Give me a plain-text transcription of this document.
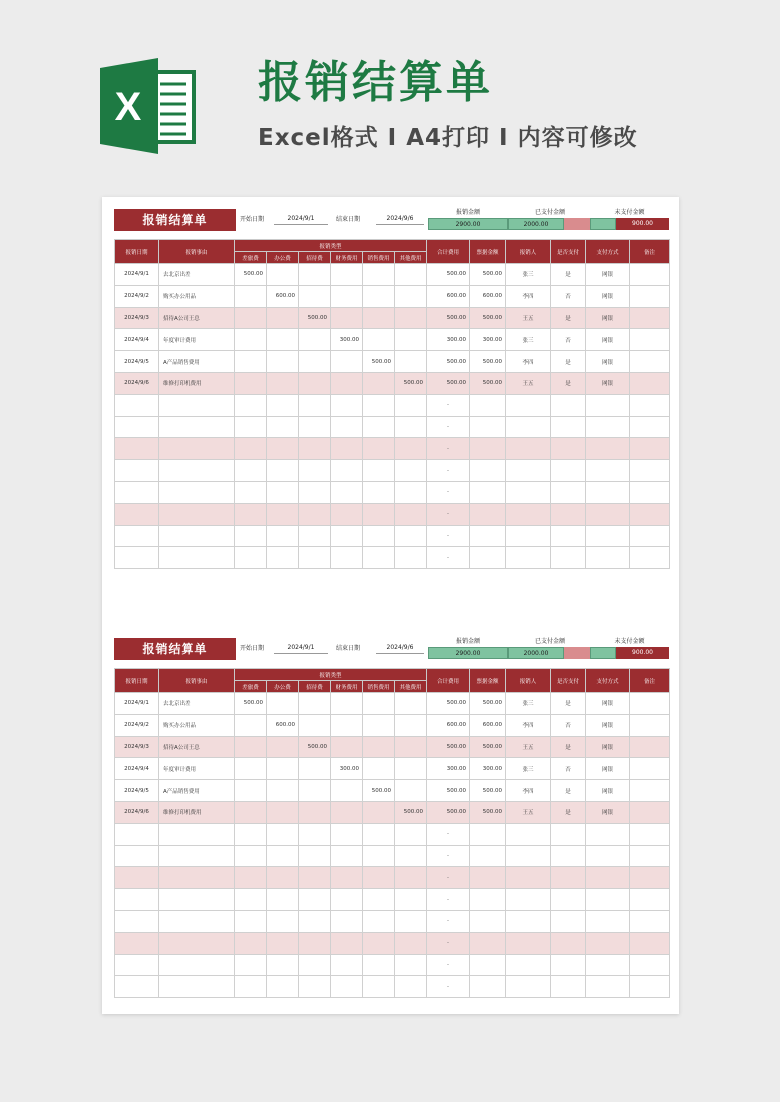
X	报销结算单
Excel格式 I A4打印 I 内容可修改
报销结算单	开始日期	2024/9/1	结束日期	2024/9/6
报销金额
2900.00
已支付金额
2000.00
未支付金额
900.00
报销日期	报销事由	报销类型						合计费用	票据金额	报销人	是否支付	支付方式	备注
		差旅费	办公费	招待费	财务费用	销售费用	其他费用						
2024/9/1	去北京出差	500.00						500.00	500.00	张三	是	网银	
2024/9/2	购买办公用品		600.00					600.00	600.00	李四	否	网银	
2024/9/3	招待A公司王总			500.00				500.00	500.00	王五	是	网银	
2024/9/4	年度审计费用				300.00			300.00	300.00	张三	否	网银	
2024/9/5	A产品销售费用					500.00		500.00	500.00	李四	是	网银	
2024/9/6	维修打印机费用						500.00	500.00	500.00	王五	是	网银	
								-					
								-					
								-					
								-					
								-					
								-					
								-					
								-					
报销结算单	开始日期	2024/9/1	结束日期	2024/9/6
报销金额
2900.00
已支付金额
2000.00
未支付金额
900.00
报销日期	报销事由	报销类型						合计费用	票据金额	报销人	是否支付	支付方式	备注
		差旅费	办公费	招待费	财务费用	销售费用	其他费用						
2024/9/1	去北京出差	500.00						500.00	500.00	张三	是	网银	
2024/9/2	购买办公用品		600.00					600.00	600.00	李四	否	网银	
2024/9/3	招待A公司王总			500.00				500.00	500.00	王五	是	网银	
2024/9/4	年度审计费用				300.00			300.00	300.00	张三	否	网银	
2024/9/5	A产品销售费用					500.00		500.00	500.00	李四	是	网银	
2024/9/6	维修打印机费用						500.00	500.00	500.00	王五	是	网银	
								-					
								-					
								-					
								-					
								-					
								-					
								-					
								-					
